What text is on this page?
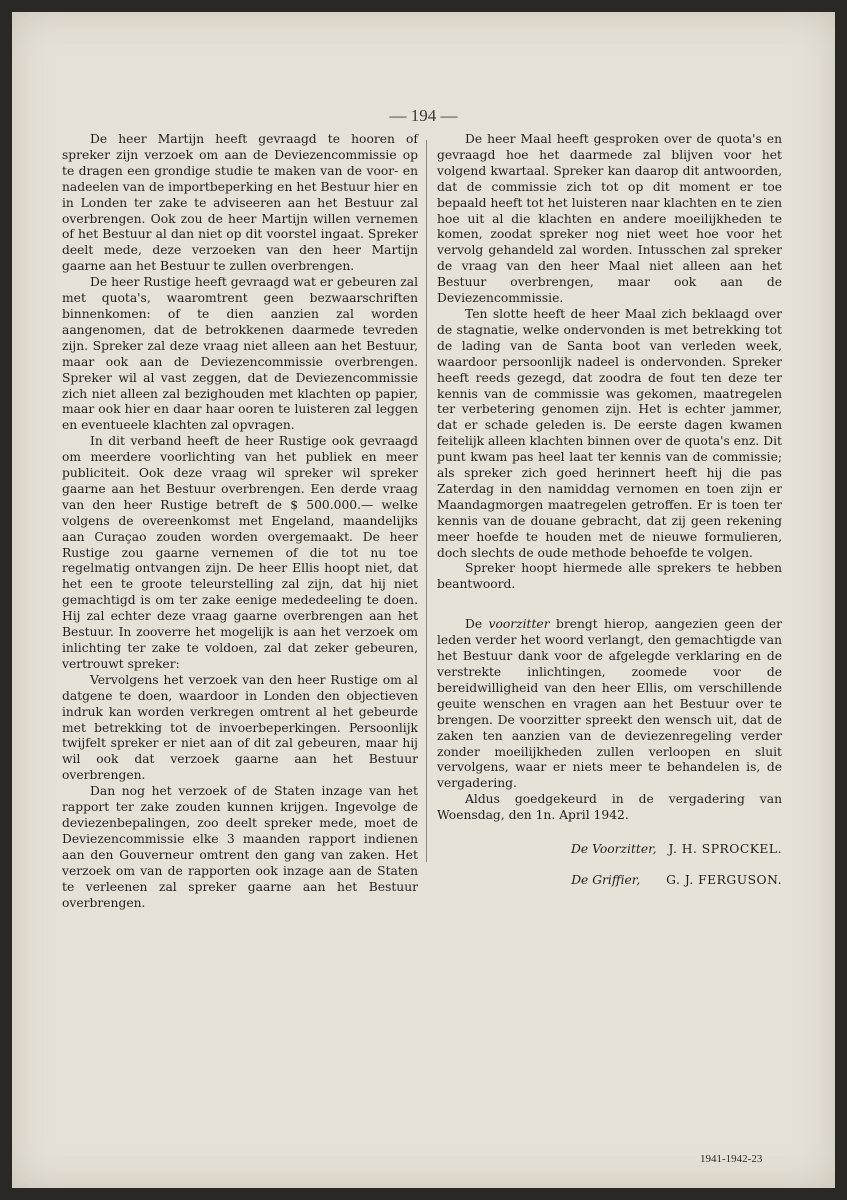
— 194 —

De heer Martijn heeft gevraagd te hooren of spreker zijn verzoek om aan de Deviezencommissie op te dragen een grondige studie te maken van de voor- en nadeelen van de importbeperking en het Bestuur hier en in Londen ter zake te adviseeren aan het Bestuur zal overbrengen. Ook zou de heer Martijn willen vernemen of het Bestuur al dan niet op dit voorstel ingaat. Spreker deelt mede, deze verzoeken van den heer Martijn gaarne aan het Bestuur te zullen overbrengen.

De heer Rustige heeft gevraagd wat er gebeuren zal met quota's, waaromtrent geen bezwaarschriften binnenkomen: of te dien aanzien zal worden aangenomen, dat de betrokkenen daarmede tevreden zijn. Spreker zal deze vraag niet alleen aan het Bestuur, maar ook aan de Deviezencommissie overbrengen. Spreker wil al vast zeggen, dat de Deviezencommissie zich niet alleen zal bezighouden met klachten op papier, maar ook hier en daar haar ooren te luisteren zal leggen en eventueele klachten zal opvragen.

In dit verband heeft de heer Rustige ook gevraagd om meerdere voorlichting van het publiek en meer publiciteit. Ook deze vraag wil spreker wil spreker gaarne aan het Bestuur overbrengen. Een derde vraag van den heer Rustige betreft de $ 500.000.— welke volgens de overeenkomst met Engeland, maandelijks aan Curaçao zouden worden overgemaakt. De heer Rustige zou gaarne vernemen of die tot nu toe regelmatig ontvangen zijn. De heer Ellis hoopt niet, dat het een te groote teleurstelling zal zijn, dat hij niet gemachtigd is om ter zake eenige mededeeling te doen. Hij zal echter deze vraag gaarne overbrengen aan het Bestuur. In zooverre het mogelijk is aan het verzoek om inlichting ter zake te voldoen, zal dat zeker gebeuren, vertrouwt spreker:

Vervolgens het verzoek van den heer Rustige om al datgene te doen, waardoor in Londen den objectieven indruk kan worden verkregen omtrent al het gebeurde met betrekking tot de invoerbeperkingen. Persoonlijk twijfelt spreker er niet aan of dit zal gebeuren, maar hij wil ook dat verzoek gaarne aan het Bestuur overbrengen.

Dan nog het verzoek of de Staten inzage van het rapport ter zake zouden kunnen krijgen. Ingevolge de deviezenbepalingen, zoo deelt spreker mede, moet de Deviezencommissie elke 3 maanden rapport indienen aan den Gouverneur omtrent den gang van zaken. Het verzoek om van de rapporten ook inzage aan de Staten te verleenen zal spreker gaarne aan het Bestuur overbrengen.

De heer Maal heeft gesproken over de quota's en gevraagd hoe het daarmede zal blijven voor het volgend kwartaal. Spreker kan daarop dit antwoorden, dat de commissie zich tot op dit moment er toe bepaald heeft tot het luisteren naar klachten en te zien hoe uit al die klachten en andere moeilijkheden te komen, zoodat spreker nog niet weet hoe voor het vervolg gehandeld zal worden. Intusschen zal spreker de vraag van den heer Maal niet alleen aan het Bestuur overbrengen, maar ook aan de Deviezencommissie.

Ten slotte heeft de heer Maal zich beklaagd over de stagnatie, welke ondervonden is met betrekking tot de lading van de Santa boot van verleden week, waardoor persoonlijk nadeel is ondervonden. Spreker heeft reeds gezegd, dat zoodra de fout ten deze ter kennis van de commissie was gekomen, maatregelen ter verbetering genomen zijn. Het is echter jammer, dat er schade geleden is. De eerste dagen kwamen feitelijk alleen klachten binnen over de quota's enz. Dit punt kwam pas heel laat ter kennis van de commissie; als spreker zich goed herinnert heeft hij die pas Zaterdag in den namiddag vernomen en toen zijn er Maandagmorgen maatregelen getroffen. Er is toen ter kennis van de douane gebracht, dat zij geen rekening meer hoefde te houden met de nieuwe formulieren, doch slechts de oude methode behoefde te volgen.

Spreker hoopt hiermede alle sprekers te hebben beantwoord.

De voorzitter brengt hierop, aangezien geen der leden verder het woord verlangt, den gemachtigde van het Bestuur dank voor de afgelegde verklaring en de verstrekte inlichtingen, zoomede voor de bereidwilligheid van den heer Ellis, om verschillende geuite wenschen en vragen aan het Bestuur over te brengen. De voorzitter spreekt den wensch uit, dat de zaken ten aanzien van de deviezenregeling verder zonder moeilijkheden zullen verloopen en sluit vervolgens, waar er niets meer te behandelen is, de vergadering.

Aldus goedgekeurd in de vergadering van Woensdag, den 1n. April 1942.

De Voorzitter, J. H. SPROCKEL.
De Griffier, G. J. FERGUSON.
1941-1942-23
